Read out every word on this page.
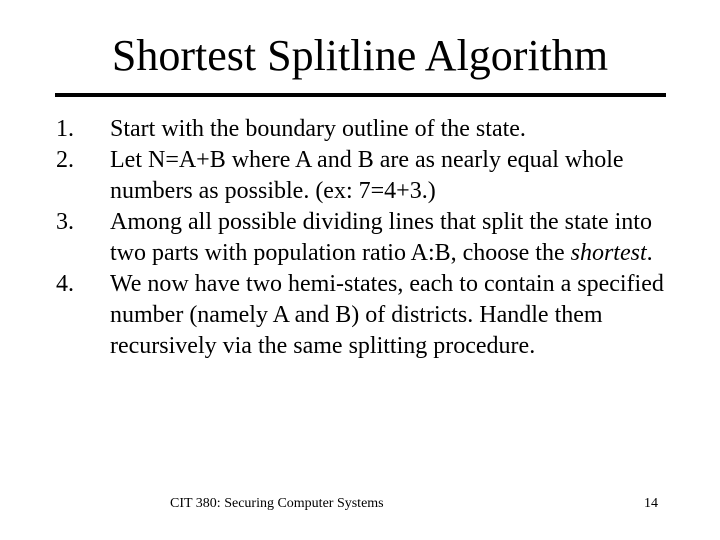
Shortest Splitline Algorithm
1. Start with the boundary outline of the state.
2. Let N=A+B where A and B are as nearly equal whole numbers as possible. (ex: 7=4+3.)
3. Among all possible dividing lines that split the state into two parts with population ratio A:B, choose the shortest.
4. We now have two hemi-states, each to contain a specified number (namely A and B) of districts. Handle them recursively via the same splitting procedure.
CIT 380: Securing Computer Systems	14
